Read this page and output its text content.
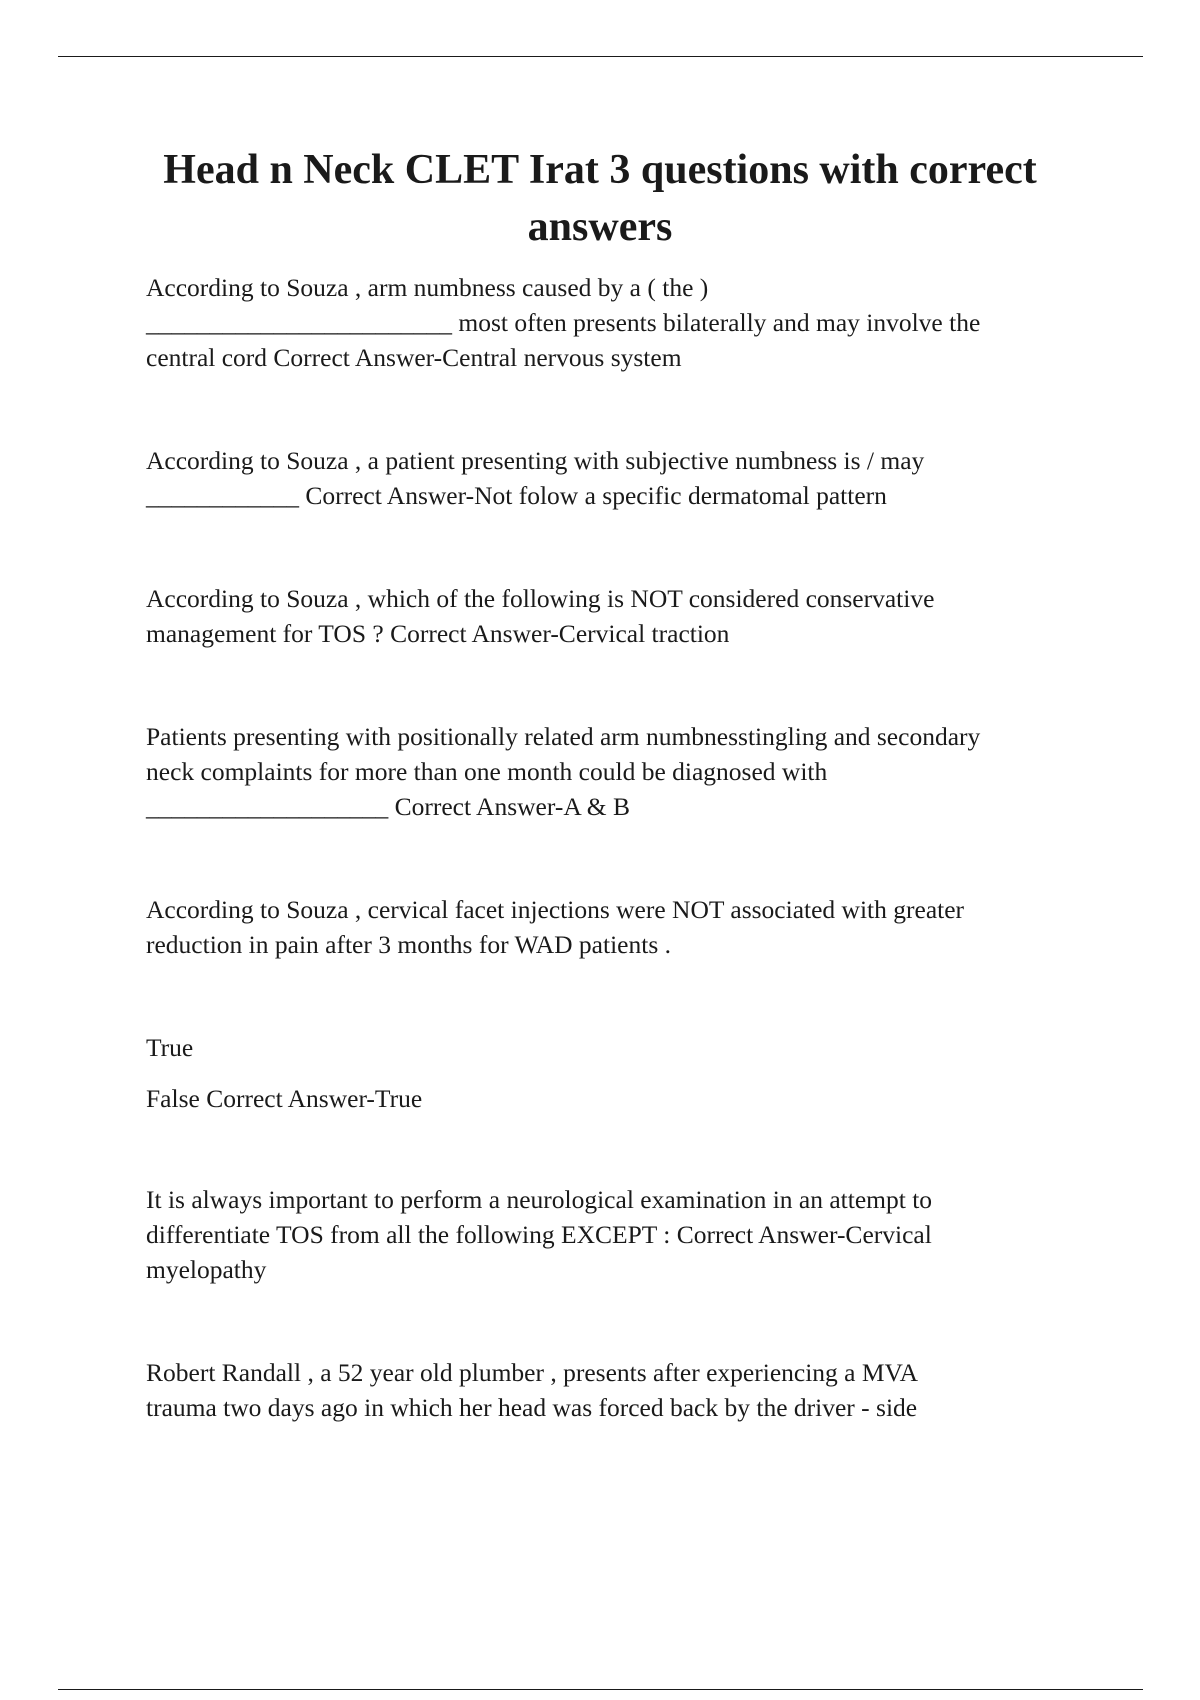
Head n Neck CLET Irat 3 questions with correct answers

According to Souza , arm numbness caused by a ( the )
________________________ most often presents bilaterally and may involve the
central cord Correct Answer-Central nervous system

According to Souza , a patient presenting with subjective numbness is / may
____________ Correct Answer-Not folow a specific dermatomal pattern

According to Souza , which of the following is NOT considered conservative
management for TOS ? Correct Answer-Cervical traction

Patients presenting with positionally related arm numbnesstingling and secondary
neck complaints for more than one month could be diagnosed with
___________________ Correct Answer-A & B

According to Souza , cervical facet injections were NOT associated with greater
reduction in pain after 3 months for WAD patients .

True

False Correct Answer-True

It is always important to perform a neurological examination in an attempt to
differentiate TOS from all the following EXCEPT : Correct Answer-Cervical
myelopathy

Robert Randall , a 52 year old plumber , presents after experiencing a MVA
trauma two days ago in which her head was forced back by the driver - side
